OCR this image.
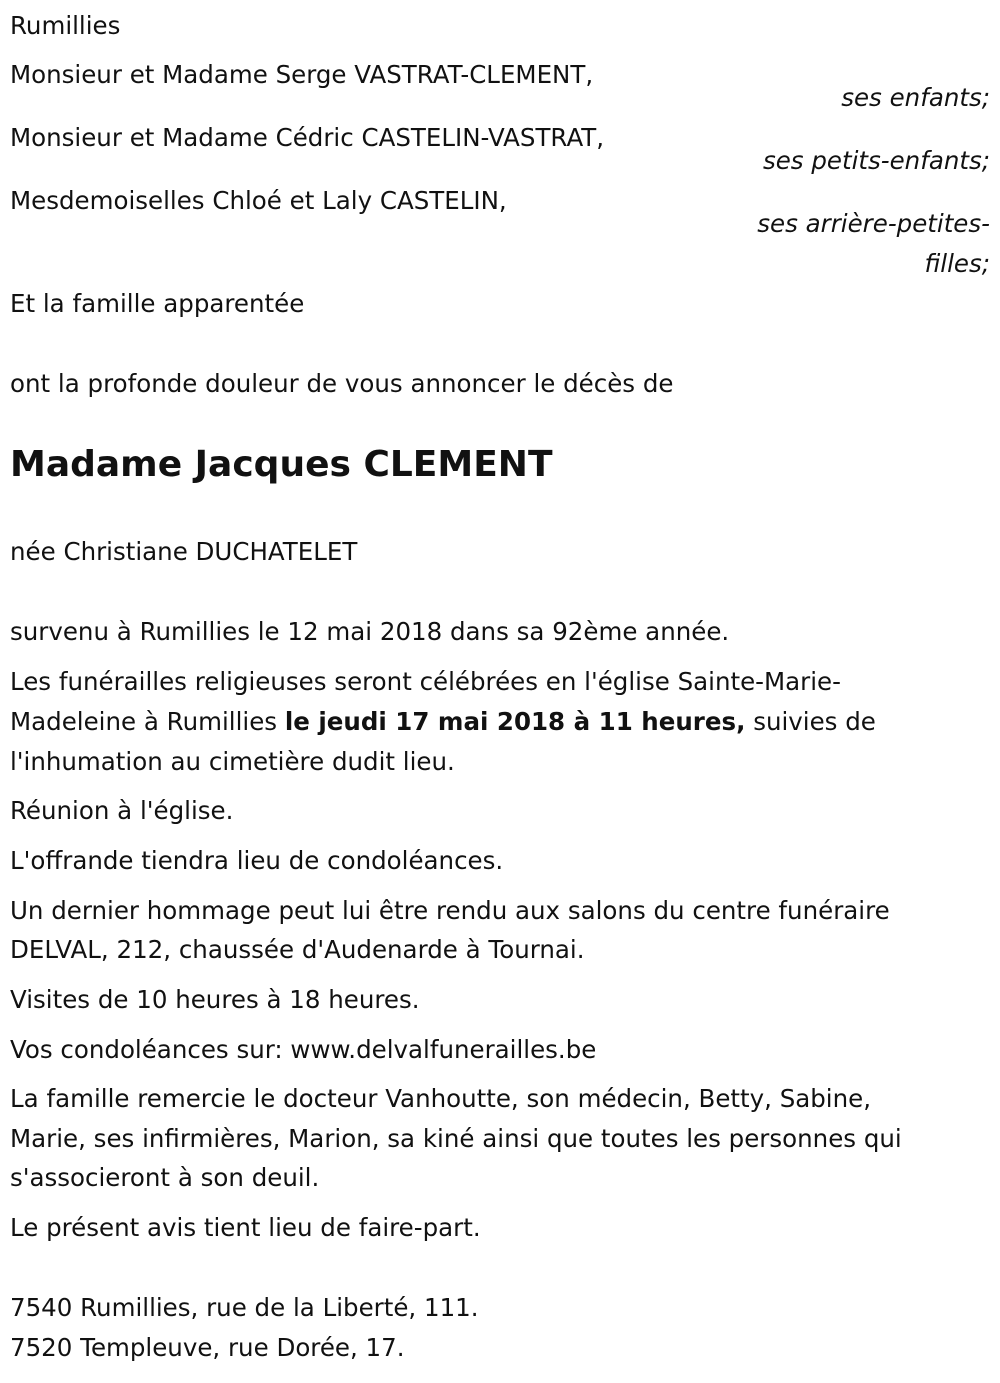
Rumillies
Monsieur et Madame Serge VASTRAT-CLEMENT,
ses enfants;
Monsieur et Madame Cédric CASTELIN-VASTRAT,
ses petits-enfants;
Mesdemoiselles Chloé et Laly CASTELIN,
ses arrière-petites-
filles;
Et la famille apparentée
ont la profonde douleur de vous annoncer le décès de
Madame Jacques CLEMENT
née Christiane DUCHATELET
survenu à Rumillies le 12 mai 2018 dans sa 92ème année.
Les funérailles religieuses seront célébrées en l'église Sainte-Marie-
Madeleine à Rumillies le jeudi 17 mai 2018 à 11 heures, suivies de
l'inhumation au cimetière dudit lieu.
Réunion à l'église.
L'offrande tiendra lieu de condoléances.
Un dernier hommage peut lui être rendu aux salons du centre funéraire
DELVAL, 212, chaussée d'Audenarde à Tournai.
Visites de 10 heures à 18 heures.
Vos condoléances sur: www.delvalfunerailles.be
La famille remercie le docteur Vanhoutte, son médecin, Betty, Sabine,
Marie, ses infirmières, Marion, sa kiné ainsi que toutes les personnes qui
s'associeront à son deuil.
Le présent avis tient lieu de faire-part.
7540 Rumillies, rue de la Liberté, 111.
7520 Templeuve, rue Dorée, 17.
